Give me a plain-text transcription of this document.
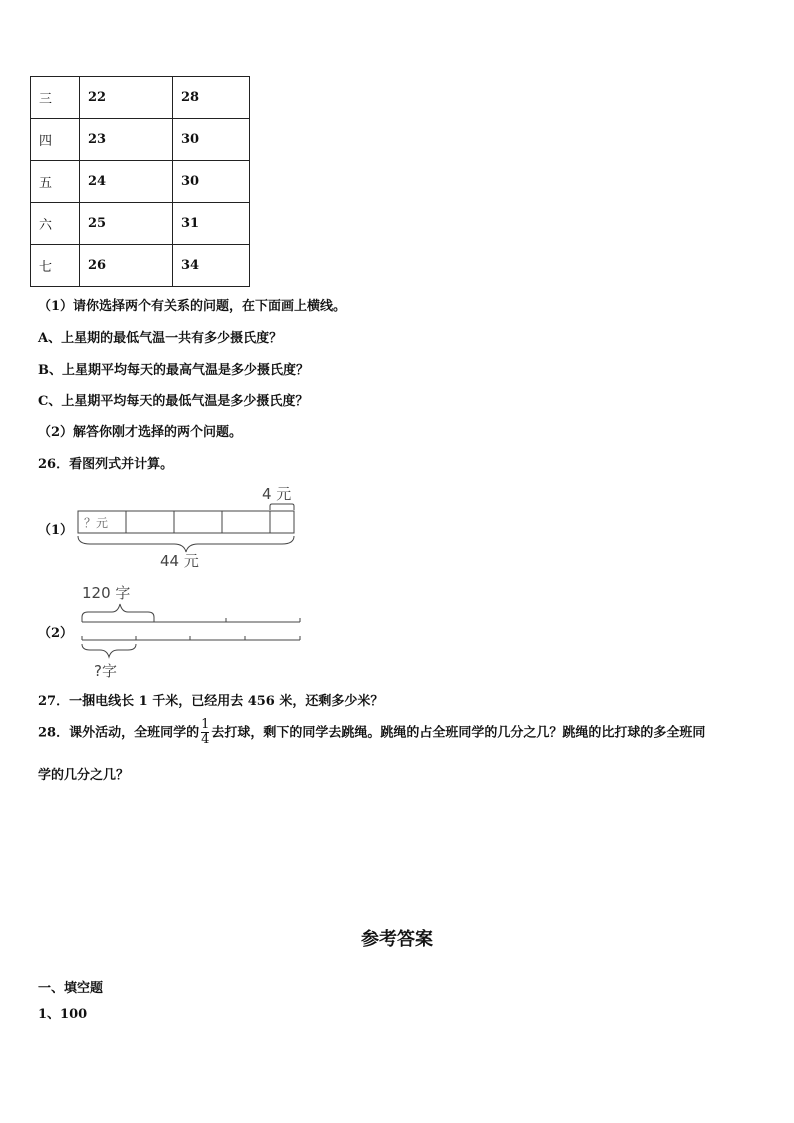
三	22	28
四	23	30
五	24	30
六	25	31
七	26	34
（1）请你选择两个有关系的问题，在下面画上横线。
A、上星期的最低气温一共有多少摄氏度？
B、上星期平均每天的最高气温是多少摄氏度？
C、上星期平均每天的最低气温是多少摄氏度？
（2）解答你刚才选择的两个问题。
26．看图列式并计算。
（1） ？元
4 元
44 元
（2）
120 字
?字
27．一捆电线长 1 千米，已经用去 456 米，还剩多少米？
28．课外活动，全班同学的 $\frac{1}{4}$ 去打球，剩下的同学去跳绳。跳绳的占全班同学的几分之几？跳绳的比打球的多全班同
学的几分之几？
参考答案
一、填空题
1、100
